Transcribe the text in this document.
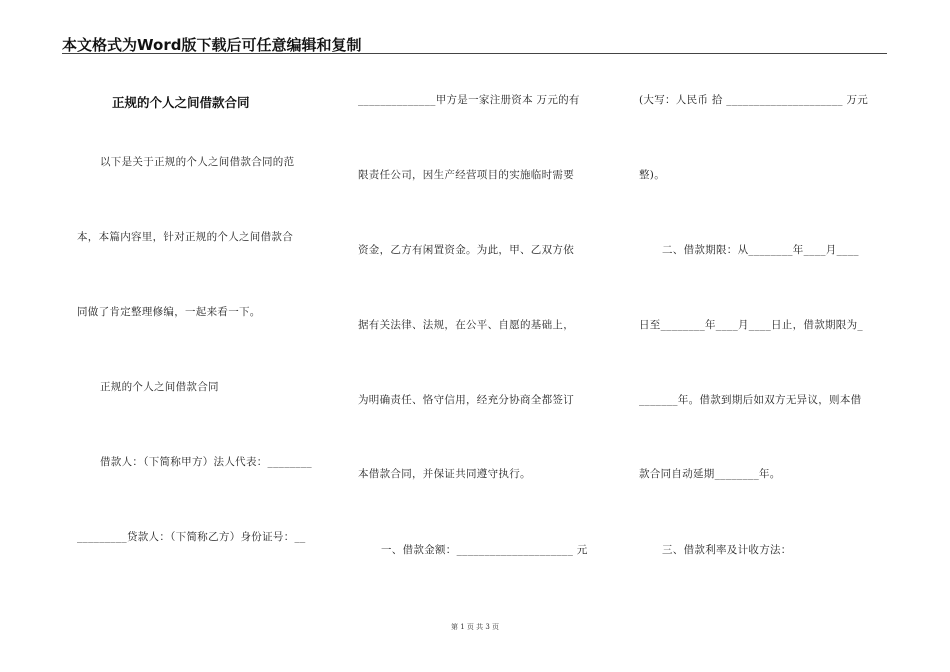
本文格式为Word版下载后可任意编辑和复制
正规的个人之间借款合同
以下是关于正规的个人之间借款合同的范
本，本篇内容里，针对正规的个人之间借款合
同做了肯定整理修编，一起来看一下。
正规的个人之间借款合同
借款人：（下简称甲方）法人代表：________
_________贷款人：（下简称乙方）身份证号：__
______________甲方是一家注册资本 万元的有
限责任公司，因生产经营项目的实施临时需要
资金，乙方有闲置资金。为此，甲、乙双方依
据有关法律、法规，在公平、自愿的基础上，
为明确责任、恪守信用，经充分协商全都签订
本借款合同，并保证共同遵守执行。
一、借款金额：_____________________ 元
(大写：人民币 拾 _____________________ 万元
整)。
二、借款期限：从________年____月____
日至________年____月____日止，借款期限为_
_______年。借款到期后如双方无异议，则本借
款合同自动延期________年。
三、借款利率及计收方法：
第 1 页 共 3 页
